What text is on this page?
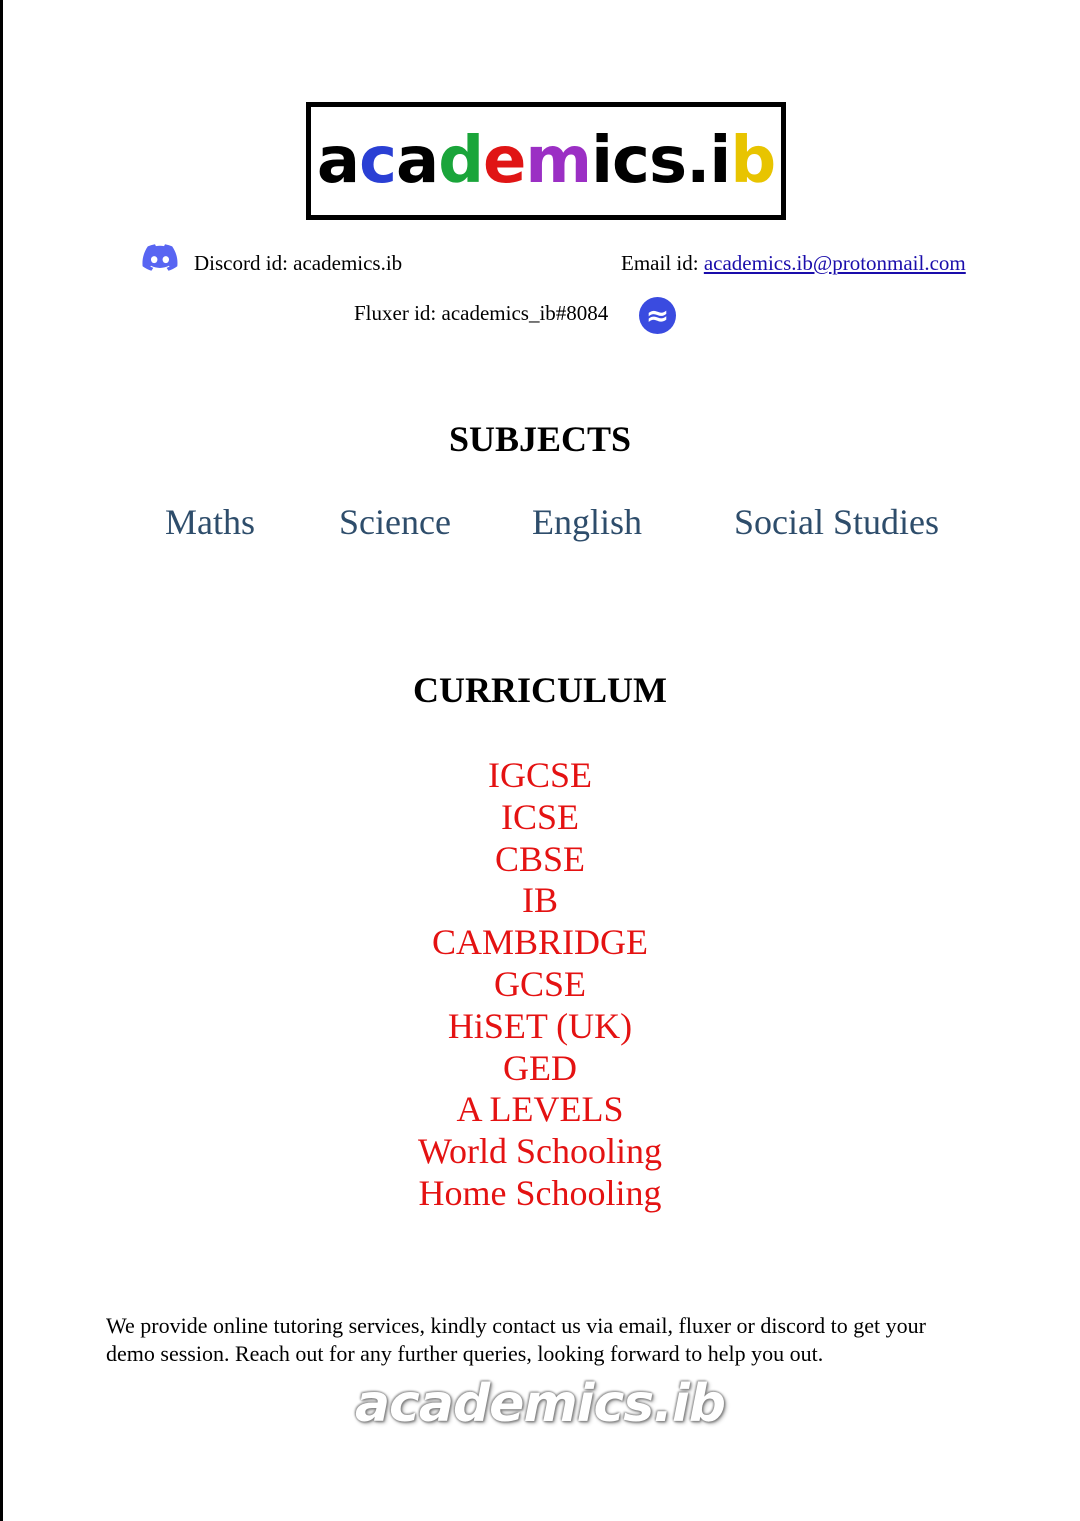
academics.ib
Discord id: academics.ib	Email id: academics.ib@protonmail.com
Fluxer id: academics_ib#8084 ≈
SUBJECTS
Maths Science English	Social Studies
CURRICULUM
IGCSE
ICSE
CBSE
IB
CAMBRIDGE
GCSE
HiSET (UK)
GED
A LEVELS
World Schooling
Home Schooling

We provide online tutoring services, kindly contact us via email, fluxer or discord to get your demo session. Reach out for any further queries, looking forward to help you out.

academics.ib
